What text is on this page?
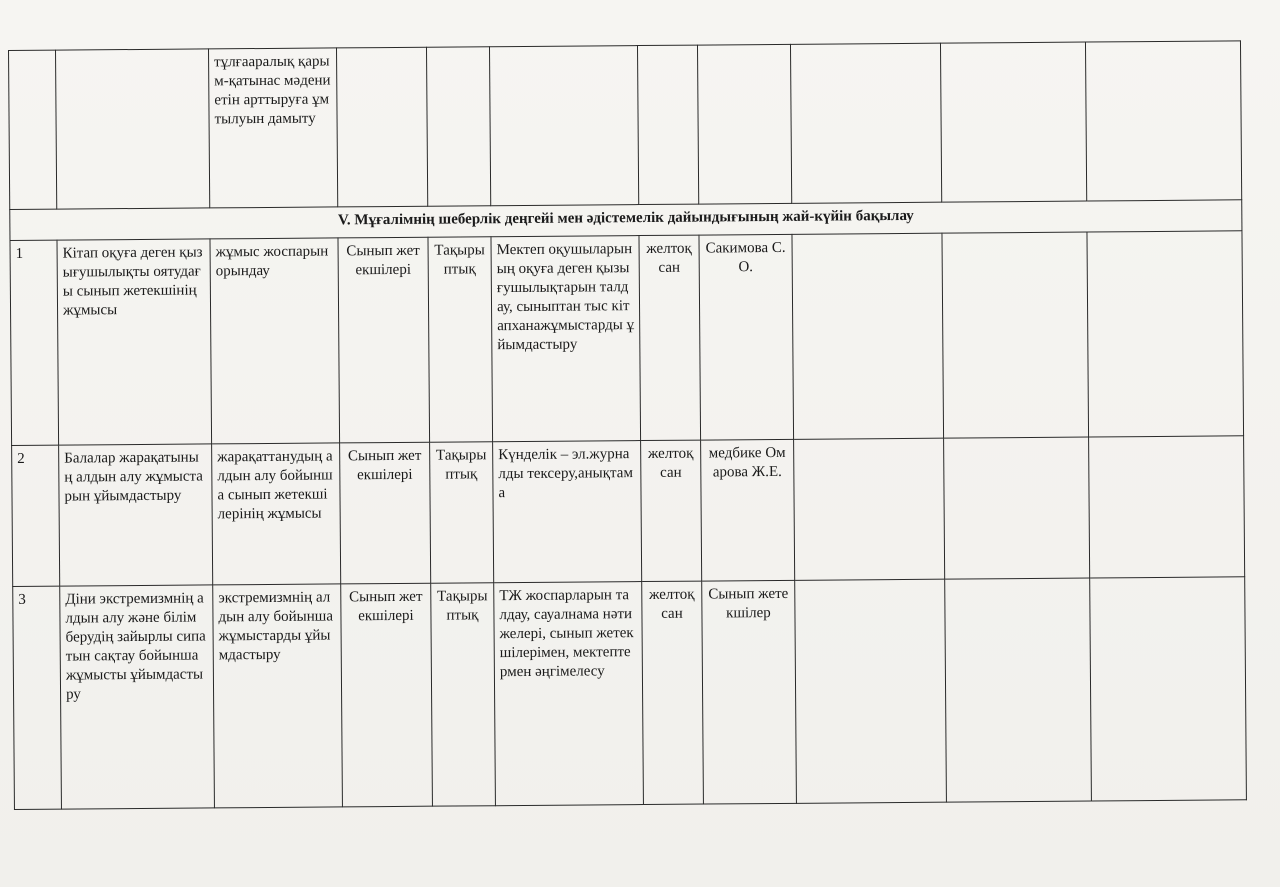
		тұлғааралық қарым-қатынас мәдениетін арттыруға ұмтылуын дамыту								
V. Мұғалімнің шеберлік деңгейі мен әдістемелік дайындығының жай-күйін бақылау										
1	Кітап оқуға деген қызығушылықты оятудағы сынып жетекшінің жұмысы	жұмыс жоспарын орындау	Сынып жетекшілері	Тақырыптық	Мектеп оқушыларының оқуға деген қызығушылықтарын талдау, сыныптан тыс кітапханажұмыстарды ұйымдастыру	желтоқсан	Сакимова С.О.			
2	Балалар жарақатының алдын алу жұмыстарын ұйымдастыру	жарақаттанудың алдын алу бойынша сынып жетекшілерінің жұмысы	Сынып жетекшілері	Тақырыптық	Күнделік – эл.журналды тексеру,анықтама	желтоқсан	медбике Омарова Ж.Е.			
3	Діни экстремизмнің алдын алу және білім берудің зайырлы сипатын сақтау бойынша жұмысты ұйымдастыру	экстремизмнің алдын алу бойынша жұмыстарды ұйымдастыру	Сынып жетекшілері	Тақырыптық	ТЖ жоспарларын талдау, сауалнама нәтижелері, сынып жетекшілерімен, мектептермен әңгімелесу	желтоқсан	Сынып жетекшілер			
